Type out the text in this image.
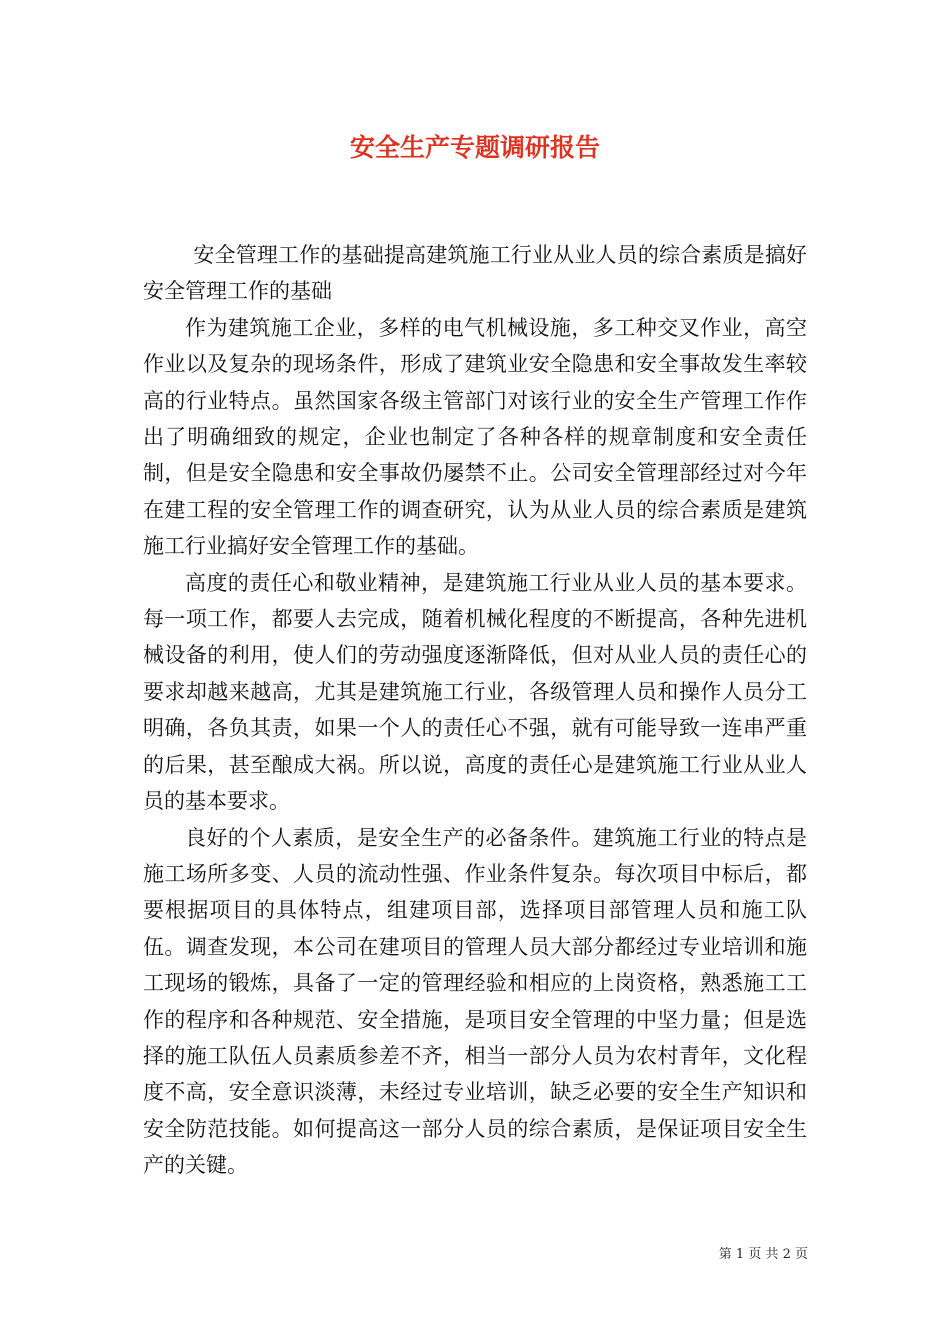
安全生产专题调研报告

安全管理工作的基础提高建筑施工行业从业人员的综合素质是搞好安全管理工作的基础

作为建筑施工企业，多样的电气机械设施，多工种交叉作业，高空作业以及复杂的现场条件，形成了建筑业安全隐患和安全事故发生率较高的行业特点。虽然国家各级主管部门对该行业的安全生产管理工作作出了明确细致的规定，企业也制定了各种各样的规章制度和安全责任制，但是安全隐患和安全事故仍屡禁不止。公司安全管理部经过对今年在建工程的安全管理工作的调查研究，认为从业人员的综合素质是建筑施工行业搞好安全管理工作的基础。

高度的责任心和敬业精神，是建筑施工行业从业人员的基本要求。每一项工作，都要人去完成，随着机械化程度的不断提高，各种先进机械设备的利用，使人们的劳动强度逐渐降低，但对从业人员的责任心的要求却越来越高，尤其是建筑施工行业，各级管理人员和操作人员分工明确，各负其责，如果一个人的责任心不强，就有可能导致一连串严重的后果，甚至酿成大祸。所以说，高度的责任心是建筑施工行业从业人员的基本要求。

良好的个人素质，是安全生产的必备条件。建筑施工行业的特点是施工场所多变、人员的流动性强、作业条件复杂。每次项目中标后，都要根据项目的具体特点，组建项目部，选择项目部管理人员和施工队伍。调查发现，本公司在建项目的管理人员大部分都经过专业培训和施工现场的锻炼，具备了一定的管理经验和相应的上岗资格，熟悉施工工作的程序和各种规范、安全措施，是项目安全管理的中坚力量；但是选择的施工队伍人员素质参差不齐，相当一部分人员为农村青年，文化程度不高，安全意识淡薄，未经过专业培训，缺乏必要的安全生产知识和安全防范技能。如何提高这一部分人员的综合素质，是保证项目安全生产的关键。

第 1 页 共 2 页
